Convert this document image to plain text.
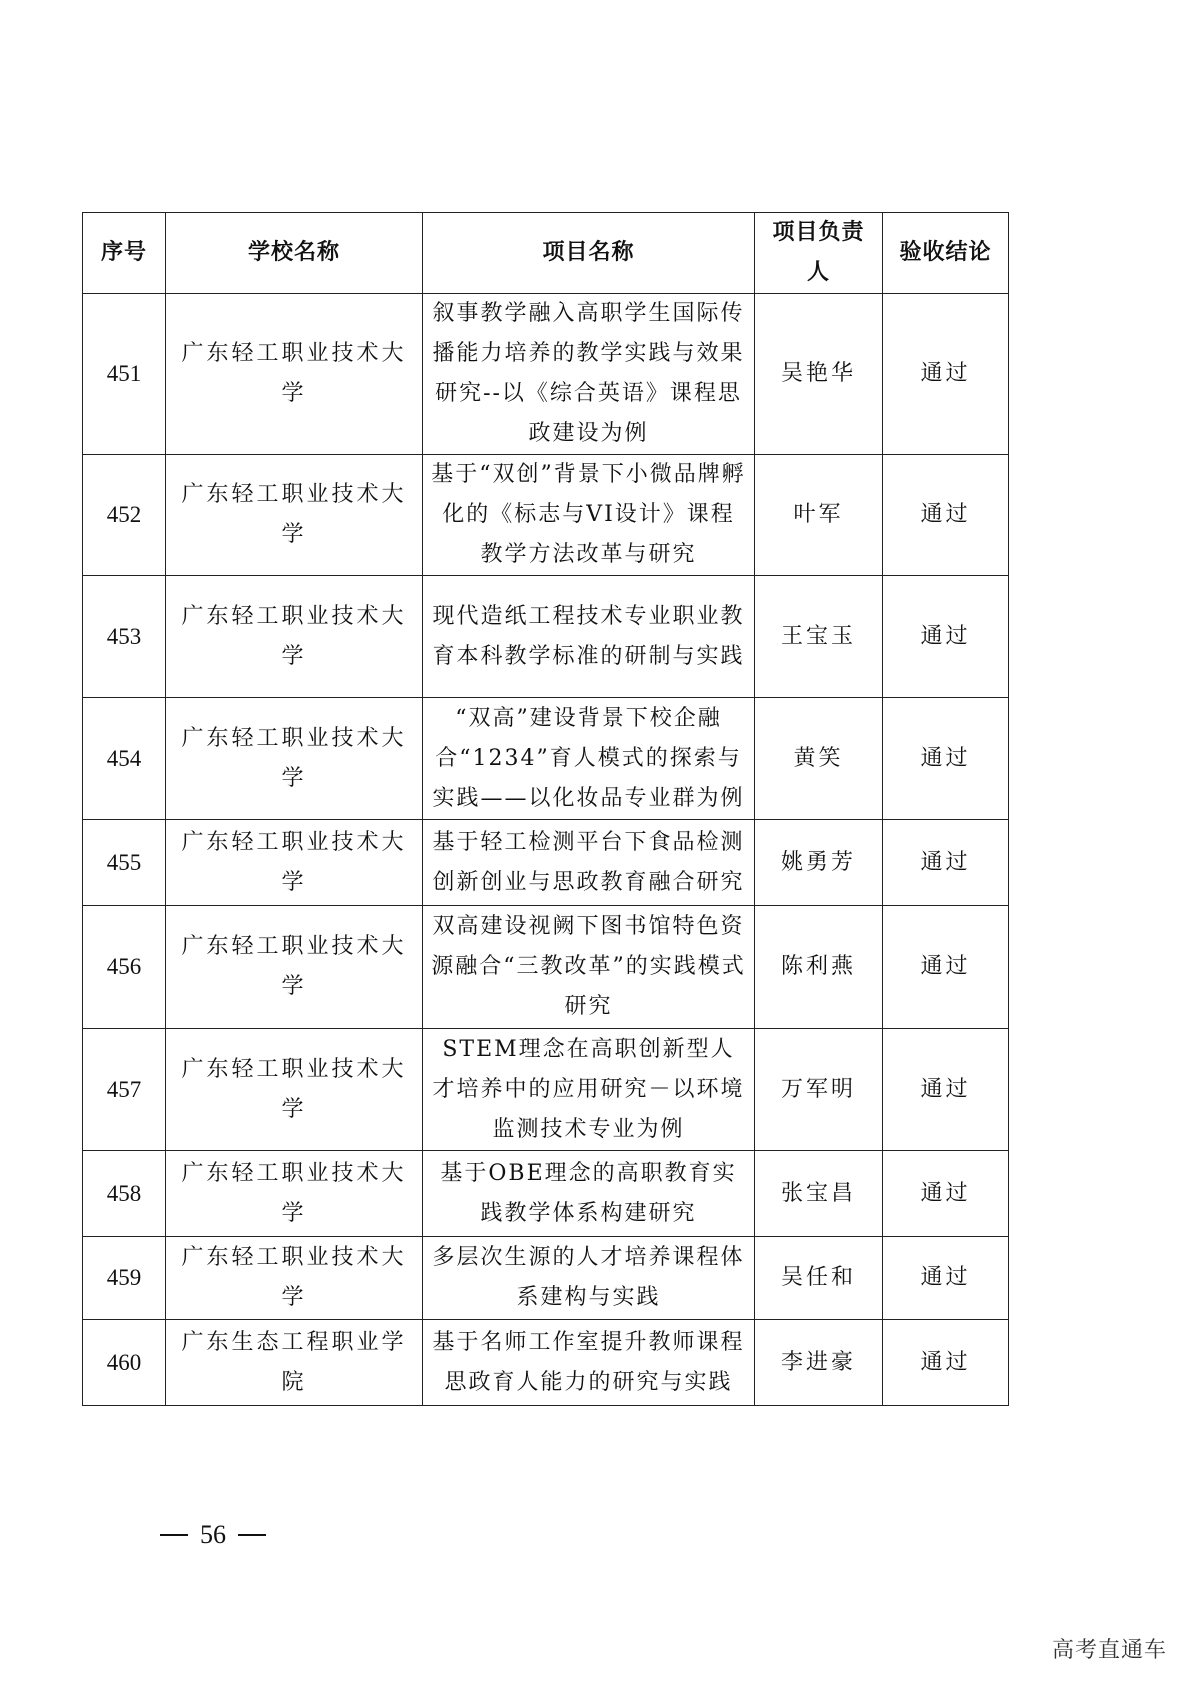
序号	学校名称	项目名称	项目负责人	验收结论
451	广东轻工职业技术大学	叙事教学融入高职学生国际传播能力培养的教学实践与效果研究--以《综合英语》课程思政建设为例	吴艳华	通过
452	广东轻工职业技术大学	基于“双创”背景下小微品牌孵化的《标志与VI设计》课程教学方法改革与研究	叶军	通过
453	广东轻工职业技术大学	现代造纸工程技术专业职业教育本科教学标准的研制与实践	王宝玉	通过
454	广东轻工职业技术大学	“双高”建设背景下校企融合“1234”育人模式的探索与实践——以化妆品专业群为例	黄笑	通过
455	广东轻工职业技术大学	基于轻工检测平台下食品检测创新创业与思政教育融合研究	姚勇芳	通过
456	广东轻工职业技术大学	双高建设视阙下图书馆特色资源融合“三教改革”的实践模式研究	陈利燕	通过
457	广东轻工职业技术大学	STEM理念在高职创新型人才培养中的应用研究－以环境监测技术专业为例	万军明	通过
458	广东轻工职业技术大学	基于OBE理念的高职教育实践教学体系构建研究	张宝昌	通过
459	广东轻工职业技术大学	多层次生源的人才培养课程体系建构与实践	吴任和	通过
460	广东生态工程职业学院	基于名师工作室提升教师课程思政育人能力的研究与实践	李进豪	通过
56
高考直通车
